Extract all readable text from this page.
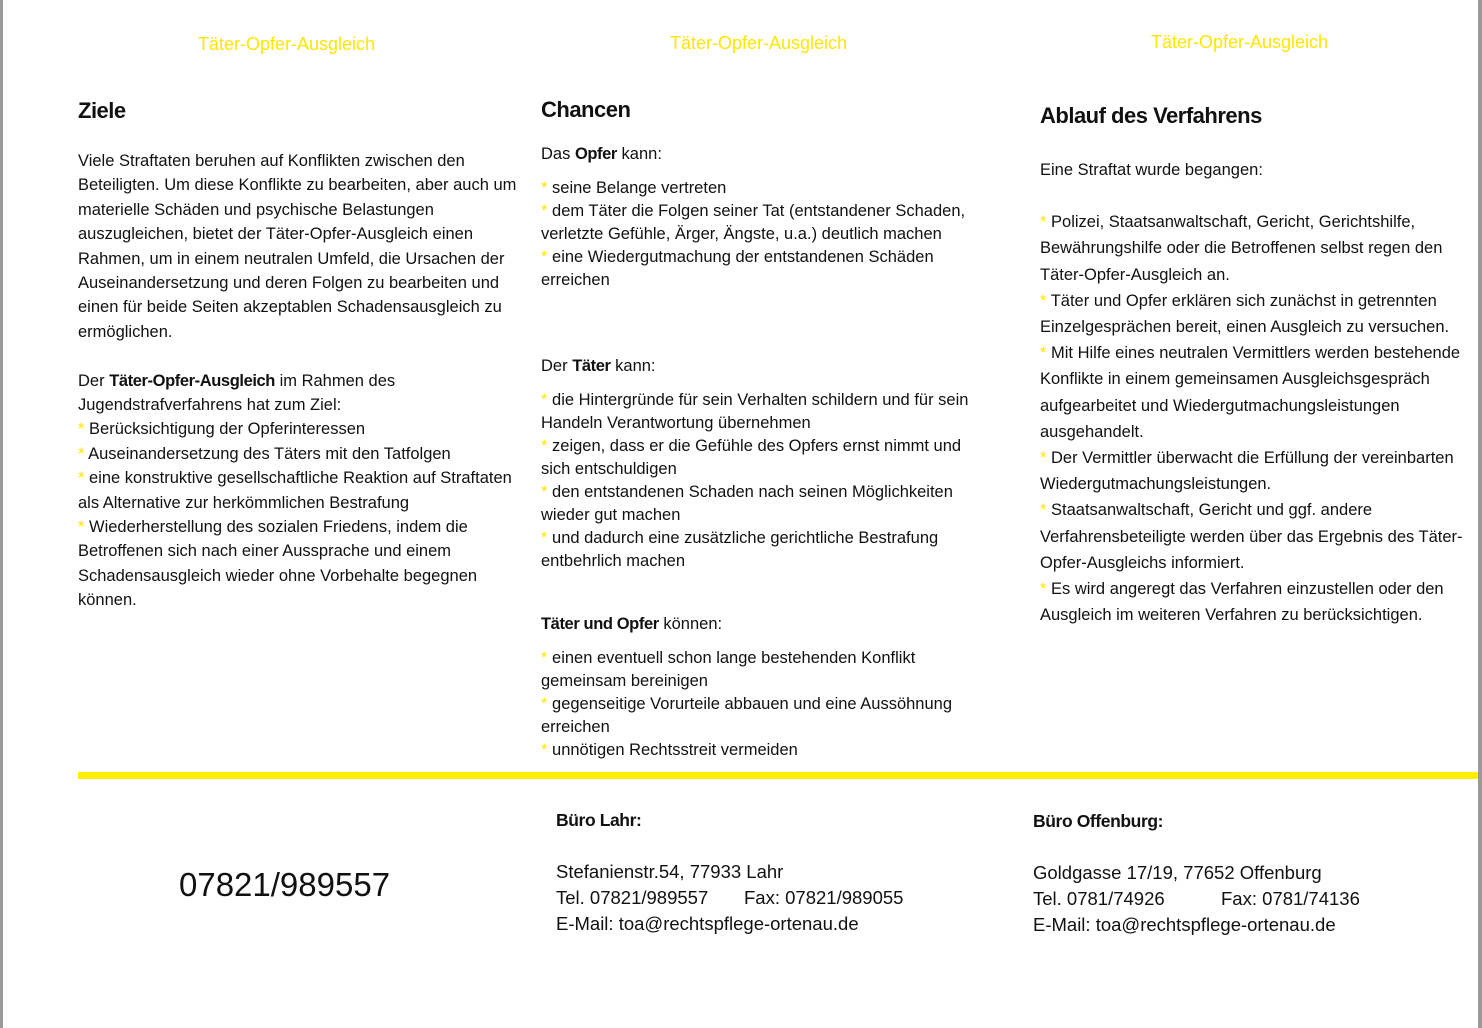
Täter-Opfer-Ausgleich	Täter-Opfer-Ausgleich	Täter-Opfer-Ausgleich
Ziele

Viele Straftaten beruhen auf Konflikten zwischen den Beteiligten. Um diese Konflikte zu bearbeiten, aber auch um materielle Schäden und psychische Belastungen auszugleichen, bietet der Täter-Opfer-Ausgleich einen Rahmen, um in einem neutralen Umfeld, die Ursachen der Auseinandersetzung und deren Folgen zu bearbeiten und einen für beide Seiten akzeptablen Schadensausgleich zu ermöglichen.

Der Täter-Opfer-Ausgleich im Rahmen des Jugendstrafverfahrens hat zum Ziel:

* Berücksichtigung der Opferinteressen

* Auseinandersetzung des Täters mit den Tatfolgen

* eine konstruktive gesellschaftliche Reaktion auf Straftaten als Alternative zur herkömmlichen Bestrafung

* Wiederherstellung des sozialen Friedens, indem die Betroffenen sich nach einer Aussprache und einem Schadensausgleich wieder ohne Vorbehalte begegnen können.

Chancen

Das Opfer kann:

* seine Belange vertreten

* dem Täter die Folgen seiner Tat (entstandener Schaden, verletzte Gefühle, Ärger, Ängste, u.a.) deutlich machen

* eine Wiedergutmachung der entstandenen Schäden erreichen

Der Täter kann:

* die Hintergründe für sein Verhalten schildern und für sein Handeln Verantwortung übernehmen

* zeigen, dass er die Gefühle des Opfers ernst nimmt und sich entschuldigen

* den entstandenen Schaden nach seinen Möglichkeiten wieder gut machen

* und dadurch eine zusätzliche gerichtliche Bestrafung entbehrlich machen

Täter und Opfer können:

* einen eventuell schon lange bestehenden Konflikt gemeinsam bereinigen

* gegenseitige Vorurteile abbauen und eine Aussöhnung erreichen

* unnötigen Rechtsstreit vermeiden

Ablauf des Verfahrens

Eine Straftat wurde begangen:

* Polizei, Staatsanwaltschaft, Gericht, Gerichtshilfe, Bewährungshilfe oder die Betroffenen selbst regen den Täter-Opfer-Ausgleich an.

* Täter und Opfer erklären sich zunächst in getrennten Einzelgesprächen bereit, einen Ausgleich zu versuchen.

* Mit Hilfe eines neutralen Vermittlers werden bestehende Konflikte in einem gemeinsamen Ausgleichsgespräch aufgearbeitet und Wiedergutmachungsleistungen ausgehandelt.

* Der Vermittler überwacht die Erfüllung der vereinbarten Wiedergutmachungsleistungen.

* Staatsanwaltschaft, Gericht und ggf. andere Verfahrensbeteiligte werden über das Ergebnis des Täter-Opfer-Ausgleichs informiert.

* Es wird angeregt das Verfahren einzustellen oder den Ausgleich im weiteren Verfahren zu berücksichtigen.

07821/989557
Büro Lahr:
Stefanienstr.54, 77933 Lahr
Tel. 07821/989557 Fax: 07821/989055
E-Mail: toa@rechtspflege-ortenau.de
Büro Offenburg:
Goldgasse 17/19, 77652 Offenburg
Tel. 0781/74926	Fax: 0781/74136
E-Mail: toa@rechtspflege-ortenau.de
